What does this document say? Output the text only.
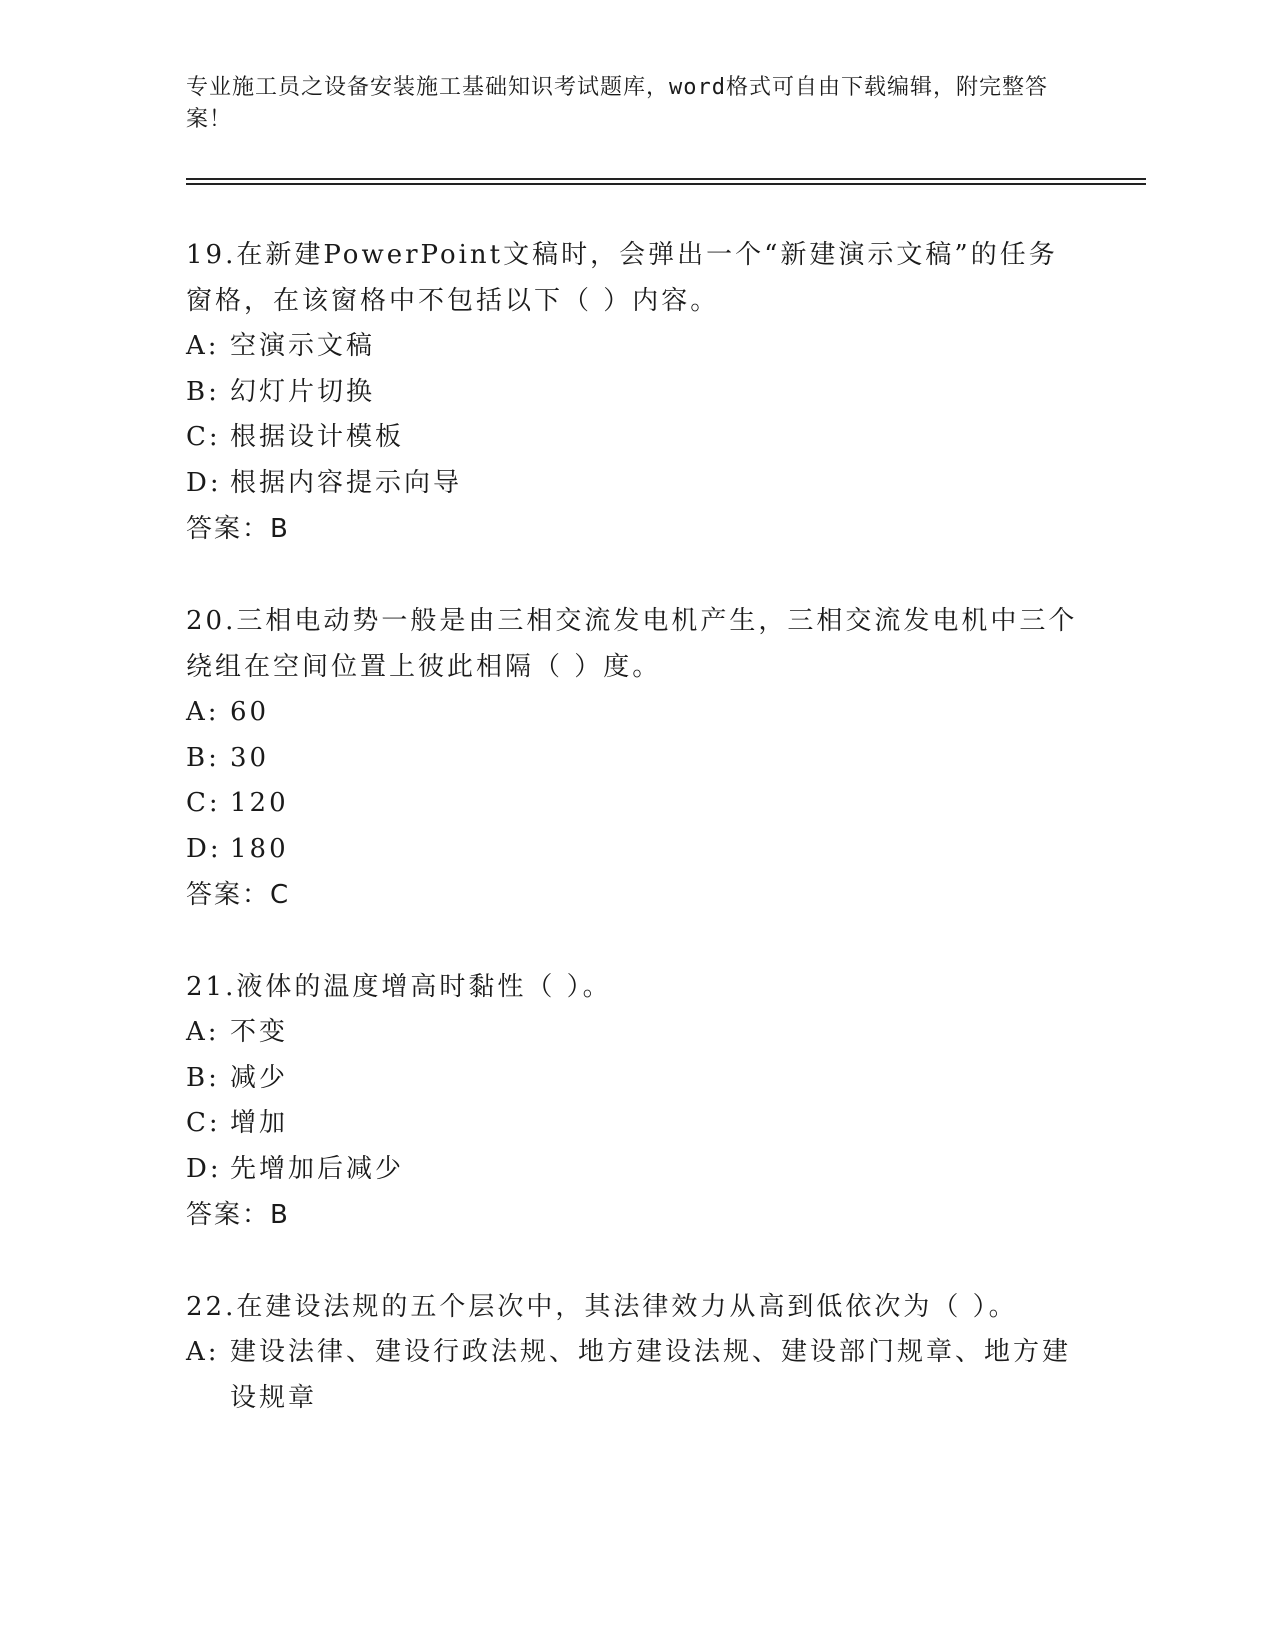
专业施工员之设备安装施工基础知识考试题库，word格式可自由下载编辑，附完整答案！

19.在新建PowerPoint文稿时，会弹出一个“新建演示文稿”的任务窗格，在该窗格中不包括以下（ ）内容。

A: 空演示文稿
B: 幻灯片切换
C: 根据设计模板
D: 根据内容提示向导
答案： B

20.三相电动势一般是由三相交流发电机产生，三相交流发电机中三个绕组在空间位置上彼此相隔（ ）度。

A: 60
B: 30
C: 120
D: 180
答案： C

21.液体的温度增高时黏性（ ）。

A: 不变
B: 减少
C: 增加
D: 先增加后减少
答案： B

22.在建设法规的五个层次中，其法律效力从高到低依次为（ ）。

A: 建设法律、建设行政法规、地方建设法规、建设部门规章、地方建设规章
